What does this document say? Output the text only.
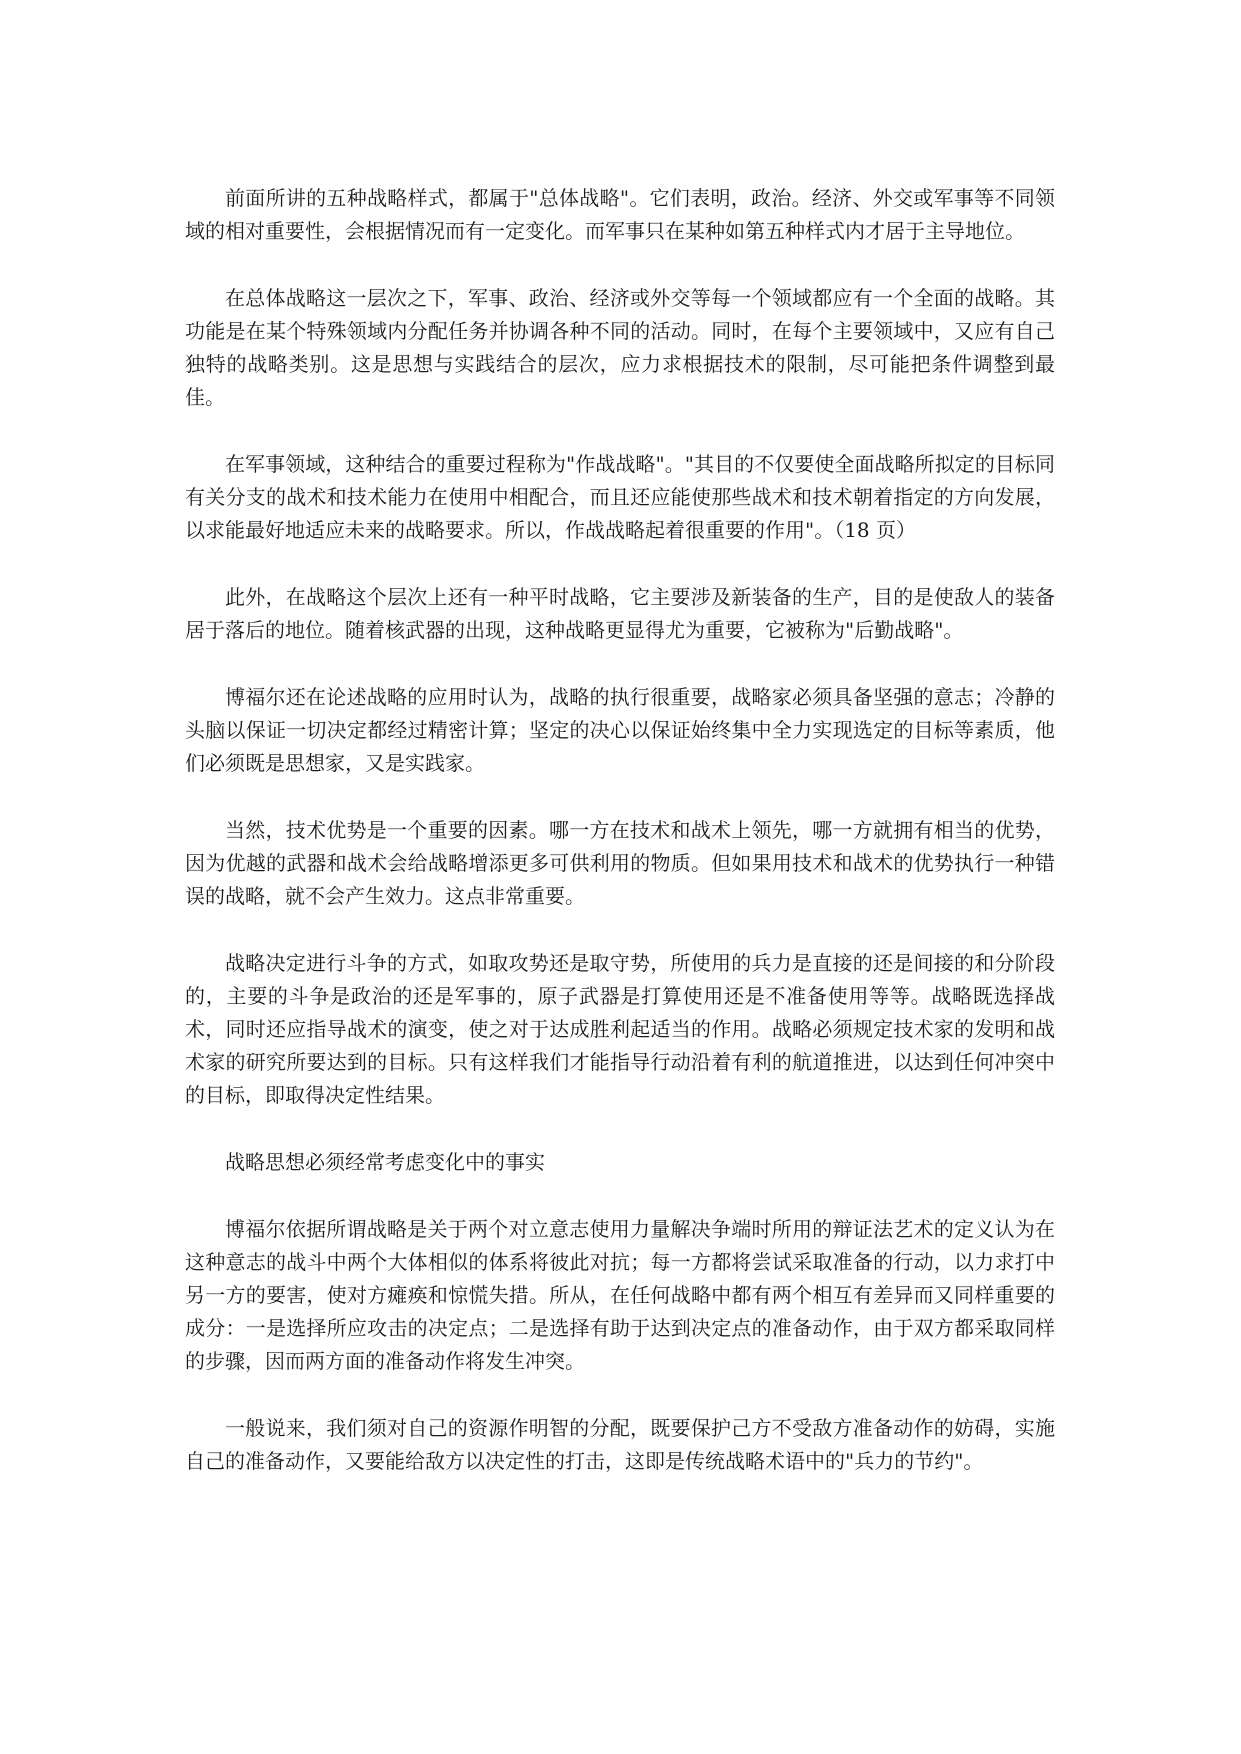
前面所讲的五种战略样式，都属于"总体战略"。它们表明，政治。经济、外交或军事等不同领域的相对重要性，会根据情况而有一定变化。而军事只在某种如第五种样式内才居于主导地位。

在总体战略这一层次之下，军事、政治、经济或外交等每一个领域都应有一个全面的战略。其功能是在某个特殊领域内分配任务并协调各种不同的活动。同时，在每个主要领域中，又应有自己独特的战略类别。这是思想与实践结合的层次，应力求根据技术的限制，尽可能把条件调整到最佳。

在军事领域，这种结合的重要过程称为"作战战略"。"其目的不仅要使全面战略所拟定的目标同有关分支的战术和技术能力在使用中相配合，而且还应能使那些战术和技术朝着指定的方向发展，以求能最好地适应未来的战略要求。所以，作战战略起着很重要的作用"。（18 页）

此外，在战略这个层次上还有一种平时战略，它主要涉及新装备的生产，目的是使敌人的装备居于落后的地位。随着核武器的出现，这种战略更显得尤为重要，它被称为"后勤战略"。

博福尔还在论述战略的应用时认为，战略的执行很重要，战略家必须具备坚强的意志；冷静的头脑以保证一切决定都经过精密计算；坚定的决心以保证始终集中全力实现选定的目标等素质，他们必须既是思想家，又是实践家。

当然，技术优势是一个重要的因素。哪一方在技术和战术上领先，哪一方就拥有相当的优势，因为优越的武器和战术会给战略增添更多可供利用的物质。但如果用技术和战术的优势执行一种错误的战略，就不会产生效力。这点非常重要。

战略决定进行斗争的方式，如取攻势还是取守势，所使用的兵力是直接的还是间接的和分阶段的，主要的斗争是政治的还是军事的，原子武器是打算使用还是不准备使用等等。战略既选择战术，同时还应指导战术的演变，使之对于达成胜利起适当的作用。战略必须规定技术家的发明和战术家的研究所要达到的目标。只有这样我们才能指导行动沿着有利的航道推进，以达到任何冲突中的目标，即取得决定性结果。

战略思想必须经常考虑变化中的事实

博福尔依据所谓战略是关于两个对立意志使用力量解决争端时所用的辩证法艺术的定义认为在这种意志的战斗中两个大体相似的体系将彼此对抗；每一方都将尝试采取准备的行动，以力求打中另一方的要害，使对方瘫痪和惊慌失措。所从，在任何战略中都有两个相互有差异而又同样重要的成分：一是选择所应攻击的决定点；二是选择有助于达到决定点的准备动作，由于双方都采取同样的步骤，因而两方面的准备动作将发生冲突。

一般说来，我们须对自己的资源作明智的分配，既要保护己方不受敌方准备动作的妨碍，实施自己的准备动作，又要能给敌方以决定性的打击，这即是传统战略术语中的"兵力的节约"。
